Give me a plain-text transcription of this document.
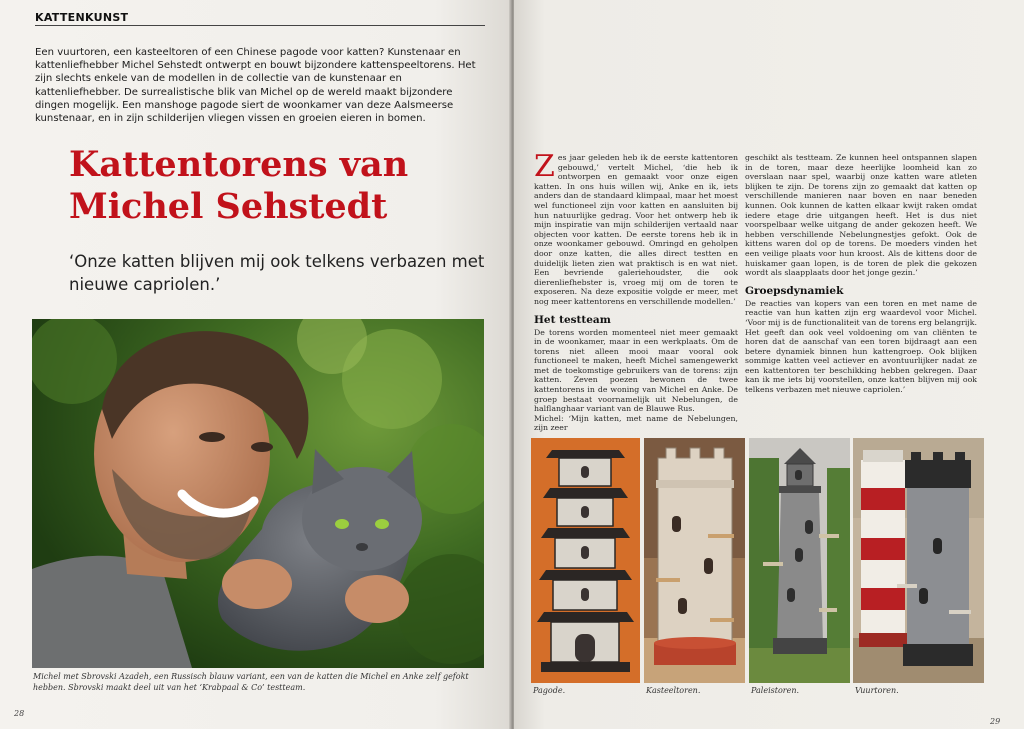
KATTENKUNST
Een vuurtoren, een kasteeltoren of een Chinese pagode voor katten? Kunstenaar en kattenliefhebber Michel Sehstedt ontwerpt en bouwt bijzondere kattenspeeltorens. Het zijn slechts enkele van de modellen in de collectie van de kunstenaar en kattenliefhebber. De surrealistische blik van Michel op de wereld maakt bijzondere dingen mogelijk. Een manshoge pagode siert de woonkamer van deze Aalsmeerse kunstenaar, en in zijn schilderijen vliegen vissen en groeien eieren in bomen.
Kattentorens van
Michel Sehstedt
‘Onze katten blijven mij ook telkens verbazen met nieuwe capriolen.’
Michel met Sbrovski Azadeh, een Russisch blauw variant, een van de katten die Michel en Anke zelf gefokt hebben. Sbrovski maakt deel uit van het ‘Krabpaal & Co’ testteam.
28

Z es jaar geleden heb ik de eerste kattentoren gebouwd,’ vertelt Michel, ‘die heb ik ontworpen en gemaakt voor onze eigen katten. In ons huis willen wij, Anke en ik, iets anders dan de standaard klimpaal, maar het moest wel functioneel zijn voor katten en aansluiten bij hun natuurlijke gedrag. Voor het ontwerp heb ik mijn inspiratie van mijn schilderijen vertaald naar objecten voor katten. De eerste torens heb ik in onze woonkamer gebouwd. Omringd en geholpen door onze katten, die alles direct testten en duidelijk lieten zien wat praktisch is en wat niet. Een bevriende galeriehoudster, die ook dierenliefhebster is, vroeg mij om de toren te exposeren. Na deze expositie volgde er meer, met nog meer kattentorens en verschillende modellen.’

Het testteam

De torens worden momenteel niet meer gemaakt in de woonkamer, maar in een werkplaats. Om de torens niet alleen mooi maar vooral ook functioneel te maken, heeft Michel samengewerkt met de toekomstige gebruikers van de torens: zijn katten. Zeven poezen bewonen de twee kattentorens in de woning van Michel en Anke. De groep bestaat voornamelijk uit Nebelungen, de halflanghaar variant van de Blauwe Rus.

Michel: ‘Mijn katten, met name de Nebelungen, zijn zeer

geschikt als testteam. Ze kunnen heel ontspannen slapen in de toren, maar deze heerlijke loomheid kan zo overslaan naar spel, waarbij onze katten ware atleten blijken te zijn. De torens zijn zo gemaakt dat katten op verschillende manieren naar boven en naar beneden kunnen. Ook kunnen de katten elkaar kwijt raken omdat iedere etage drie uitgangen heeft. Het is dus niet voorspelbaar welke uitgang de ander gekozen heeft. We hebben verschillende Nebelungnestjes gefokt. Ook de kittens waren dol op de torens. De moeders vinden het een veilige plaats voor hun kroost. Als de kittens door de huiskamer gaan lopen, is de toren de plek die gekozen wordt als slaapplaats door het jonge gezin.’

Groepsdynamiek

De reacties van kopers van een toren en met name de reactie van hun katten zijn erg waardevol voor Michel. ‘Voor mij is de functionaliteit van de torens erg belangrijk. Het geeft dan ook veel voldoening om van cliënten te horen dat de aanschaf van een toren bijdraagt aan een betere dynamiek binnen hun kattengroep. Ook blijken sommige katten veel actiever en avontuurlijker nadat ze een kattentoren ter beschikking hebben gekregen. Daar kan ik me iets bij voorstellen, onze katten blijven mij ook telkens verbazen met nieuwe capriolen.’

Pagode.	Kasteeltoren.	Paleistoren.	Vuurtoren.
29
